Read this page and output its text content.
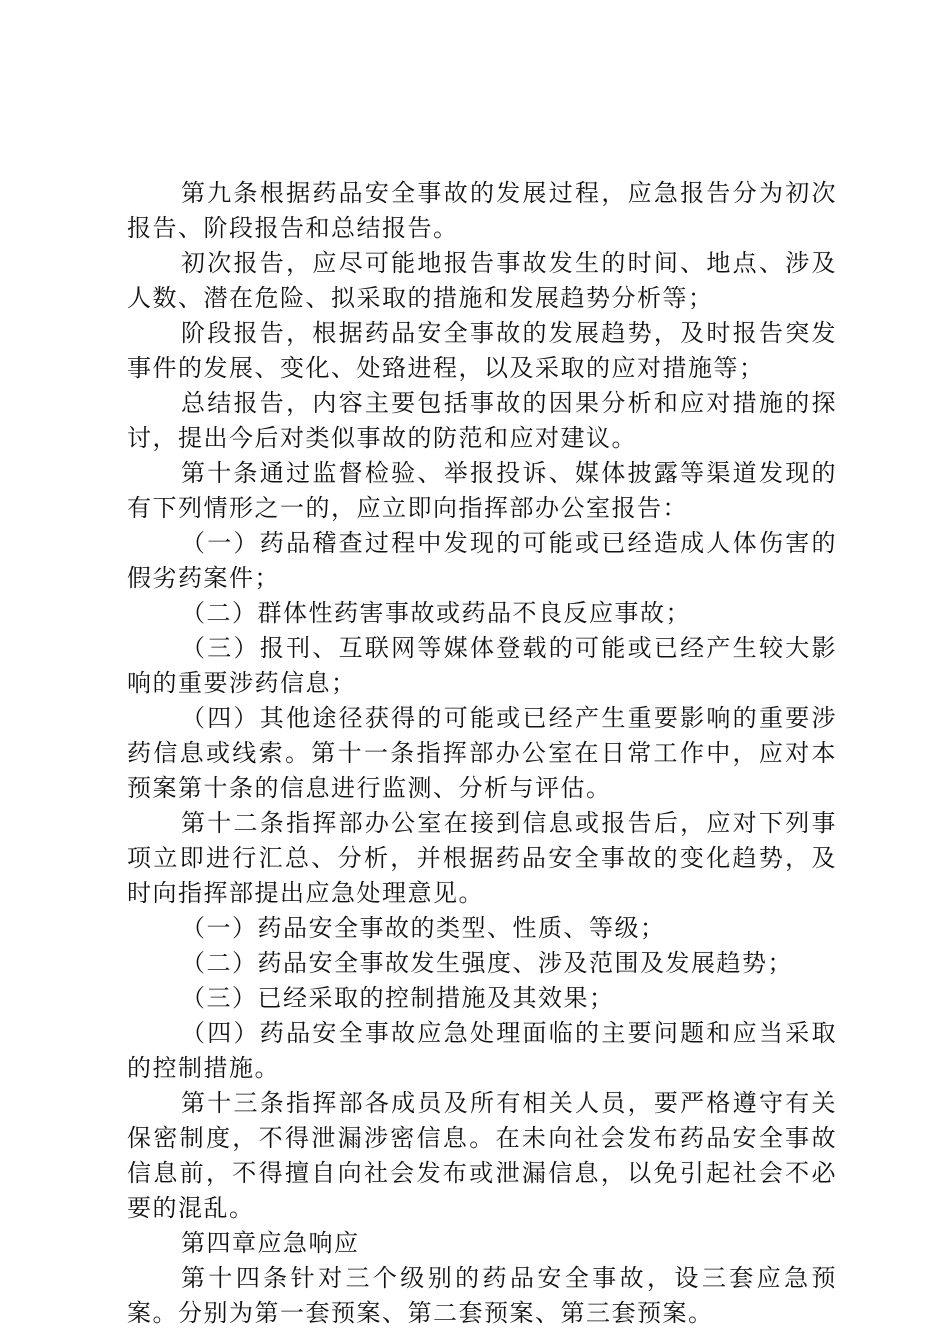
第九条根据药品安全事故的发展过程，应急报告分为初次报告、阶段报告和总结报告。

初次报告，应尽可能地报告事故发生的时间、地点、涉及人数、潜在危险、拟采取的措施和发展趋势分析等；

阶段报告，根据药品安全事故的发展趋势，及时报告突发事件的发展、变化、处臵进程，以及采取的应对措施等；

总结报告，内容主要包括事故的因果分析和应对措施的探讨，提出今后对类似事故的防范和应对建议。

第十条通过监督检验、举报投诉、媒体披露等渠道发现的有下列情形之一的，应立即向指挥部办公室报告：

（一）药品稽查过程中发现的可能或已经造成人体伤害的假劣药案件；

（二）群体性药害事故或药品不良反应事故；

（三）报刊、互联网等媒体登载的可能或已经产生较大影响的重要涉药信息；

（四）其他途径获得的可能或已经产生重要影响的重要涉药信息或线索。第十一条指挥部办公室在日常工作中，应对本预案第十条的信息进行监测、分析与评估。

第十二条指挥部办公室在接到信息或报告后，应对下列事项立即进行汇总、分析，并根据药品安全事故的变化趋势，及时向指挥部提出应急处理意见。

（一）药品安全事故的类型、性质、等级；

（二）药品安全事故发生强度、涉及范围及发展趋势；

（三）已经采取的控制措施及其效果；

（四）药品安全事故应急处理面临的主要问题和应当采取的控制措施。

第十三条指挥部各成员及所有相关人员，要严格遵守有关保密制度，不得泄漏涉密信息。在未向社会发布药品安全事故信息前，不得擅自向社会发布或泄漏信息，以免引起社会不必要的混乱。

第四章应急响应

第十四条针对三个级别的药品安全事故，设三套应急预案。分别为第一套预案、第二套预案、第三套预案。
